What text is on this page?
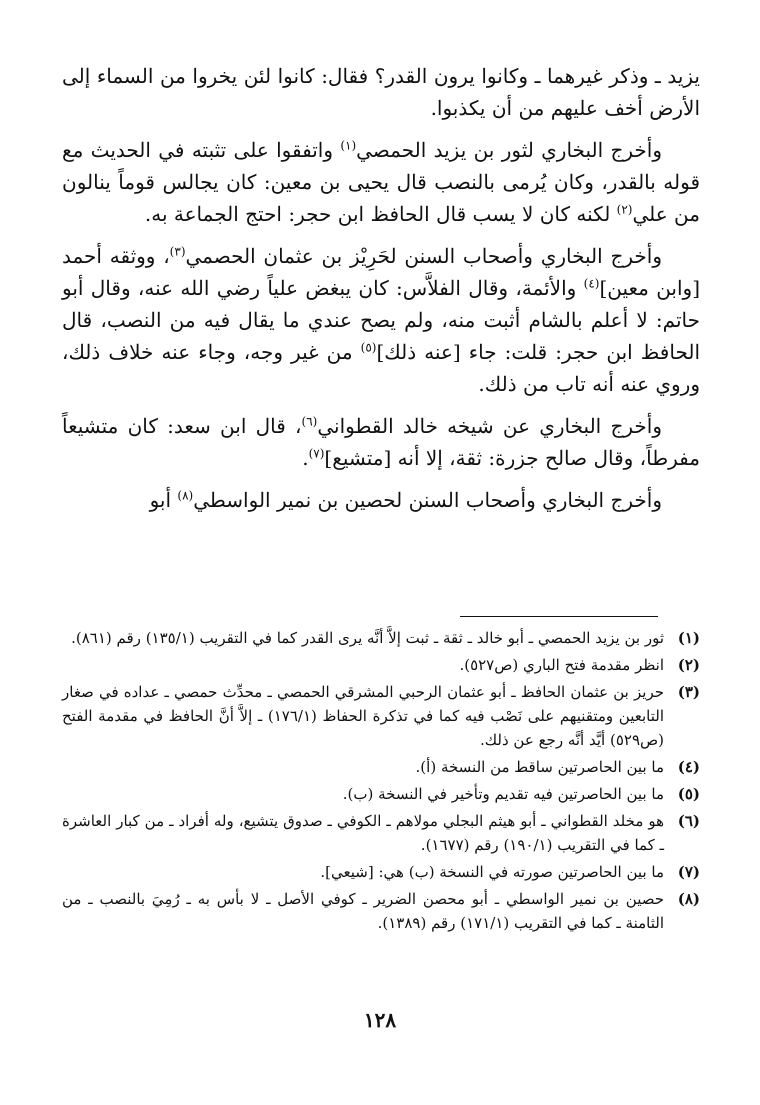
يزيد ـ وذكر غيرهما ـ وكانوا يرون القدر؟ فقال: كانوا لئن يخروا من السماء إلى الأرض أخف عليهم من أن يكذبوا.

وأخرج البخاري لثور بن يزيد الحمصي$^{(١)}$ واتفقوا على تثبته في الحديث مع قوله بالقدر، وكان يُرمى بالنصب قال يحيى بن معين: كان يجالس قوماً ينالون من علي$^{(٢)}$ لكنه كان لا يسب قال الحافظ ابن حجر: احتج الجماعة به.

وأخرج البخاري وأصحاب السنن لحَرِيْز بن عثمان الحصمي$^{(٣)}$، ووثقه أحمد [وابن معين]$^{(٤)}$ والأئمة، وقال الفلاَّس: كان يبغض علياً رضي الله عنه، وقال أبو حاتم: لا أعلم بالشام أثبت منه، ولم يصح عندي ما يقال فيه من النصب، قال الحافظ ابن حجر: قلت: جاء [عنه ذلك]$^{(٥)}$ من غير وجه، وجاء عنه خلاف ذلك، وروي عنه أنه تاب من ذلك.

وأخرج البخاري عن شيخه خالد القطواني$^{(٦)}$، قال ابن سعد: كان متشيعاً مفرطاً، وقال صالح جزرة: ثقة، إلا أنه [متشيع]$^{(٧)}$.

وأخرج البخاري وأصحاب السنن لحصين بن نمير الواسطي$^{(٨)}$ أبو

(١)
ثور بن يزيد الحمصي ـ أبو خالد ـ ثقة ـ ثبت إلاَّ أنَّه يرى القدر كما في التقريب (١٣٥/١) رقم (٨٦١).
(٢)
انظر مقدمة فتح الباري (ص٥٢٧).
(٣)
حريز بن عثمان الحافظ ـ أبو عثمان الرحبي المشرقي الحمصي ـ محدِّث حمصي ـ عداده في صغار التابعين ومتقنيهم على نَصْب فيه كما في تذكرة الحفاظ (١٧٦/١) ـ إلاَّ أنَّ الحافظ في مقدمة الفتح (ص٥٢٩) أيَّد أنَّه رجع عن ذلك.
(٤)
ما بين الحاصرتين ساقط من النسخة (أ).
(٥)
ما بين الحاصرتين فيه تقديم وتأخير في النسخة (ب).
(٦)
هو مخلد القطواني ـ أبو هيثم البجلي مولاهم ـ الكوفي ـ صدوق يتشيع، وله أفراد ـ من كبار العاشرة ـ كما في التقريب (١٩٠/١) رقم (١٦٧٧).
(٧)
ما بين الحاصرتين صورته في النسخة (ب) هي: [شيعي].
(٨)
حصين بن نمير الواسطي ـ أبو محصن الضرير ـ كوفي الأصل ـ لا بأس به ـ رُمِيَ بالنصب ـ من الثامنة ـ كما في التقريب (١٧١/١) رقم (١٣٨٩).
١٢٨
